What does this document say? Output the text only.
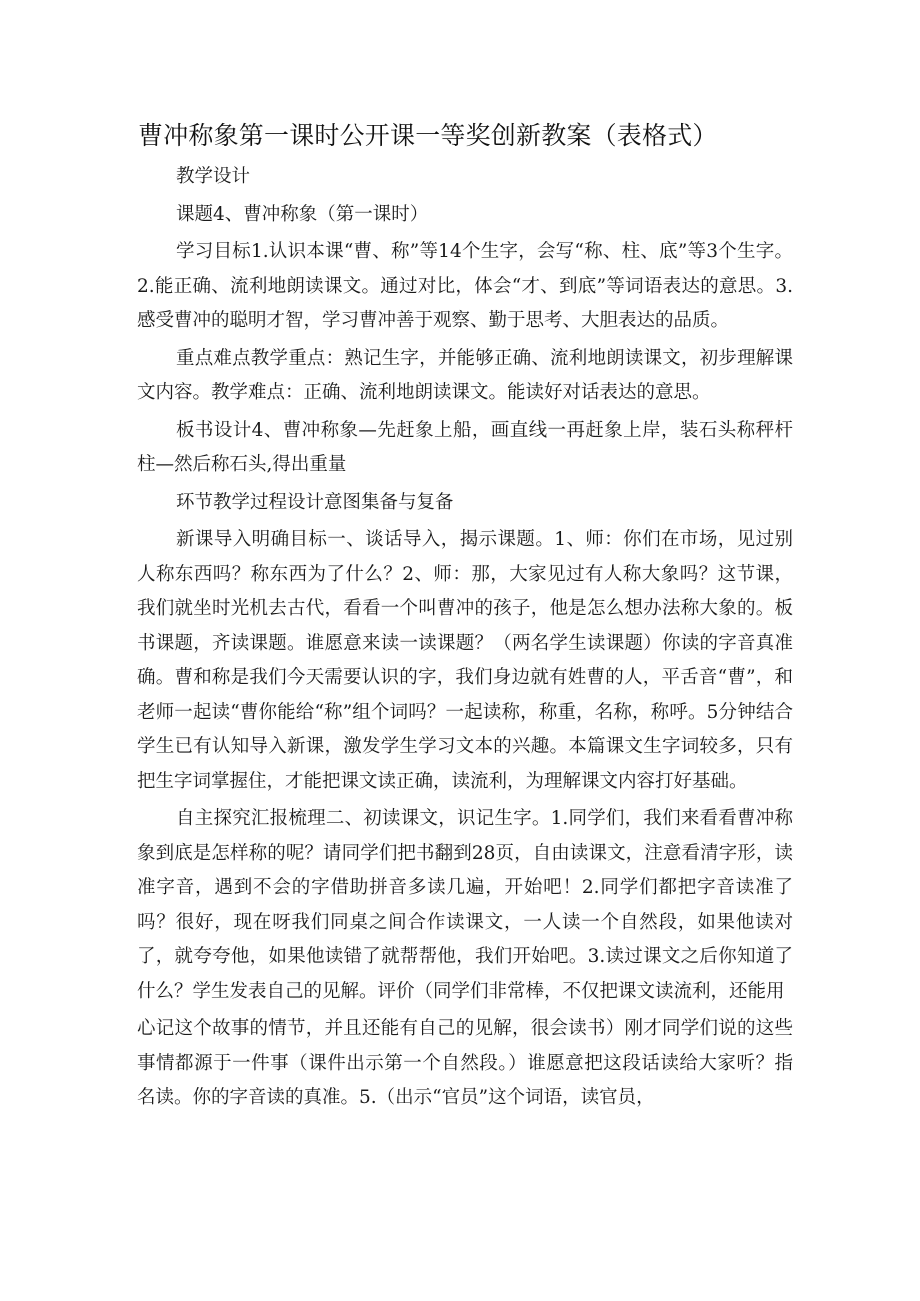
曹冲称象第一课时公开课一等奖创新教案（表格式）

教学设计

课题4、曹冲称象（第一课时）

学习目标1.认识本课“曹、称”等14个生字，会写“称、柱、底”等3个生字。2.能正确、流利地朗读课文。通过对比，体会“才、到底”等词语表达的意思。3.感受曹冲的聪明才智，学习曹冲善于观察、勤于思考、大胆表达的品质。

重点难点教学重点：熟记生字，并能够正确、流利地朗读课文，初步理解课文内容。教学难点：正确、流利地朗读课文。能读好对话表达的意思。

板书设计4、曹冲称象—先赶象上船，画直线一再赶象上岸，装石头称秤杆柱—然后称石头,得出重量

环节教学过程设计意图集备与复备

新课导入明确目标一、谈话导入，揭示课题。1、师：你们在市场，见过别人称东西吗？称东西为了什么？2、师：那，大家见过有人称大象吗？这节课，我们就坐时光机去古代，看看一个叫曹冲的孩子，他是怎么想办法称大象的。板书课题，齐读课题。谁愿意来读一读课题？（两名学生读课题）你读的字音真准确。曹和称是我们今天需要认识的字，我们身边就有姓曹的人，平舌音“曹”，和老师一起读“曹你能给“称”组个词吗？一起读称，称重，名称，称呼。5分钟结合学生已有认知导入新课，激发学生学习文本的兴趣。本篇课文生字词较多，只有把生字词掌握住，才能把课文读正确，读流利，为理解课文内容打好基础。

自主探究汇报梳理二、初读课文，识记生字。1.同学们，我们来看看曹冲称象到底是怎样称的呢？请同学们把书翻到28页，自由读课文，注意看清字形，读准字音，遇到不会的字借助拼音多读几遍，开始吧！2.同学们都把字音读准了吗？很好，现在呀我们同桌之间合作读课文，一人读一个自然段，如果他读对了，就夸夸他，如果他读错了就帮帮他，我们开始吧。3.读过课文之后你知道了什么？学生发表自己的见解。评价（同学们非常棒，不仅把课文读流利，还能用

心记这个故事的情节，并且还能有自己的见解，很会读书）刚才同学们说的这些事情都源于一件事（课件出示第一个自然段。）谁愿意把这段话读给大家听？指名读。你的字音读的真准。5.（出示“官员”这个词语，读官员，
